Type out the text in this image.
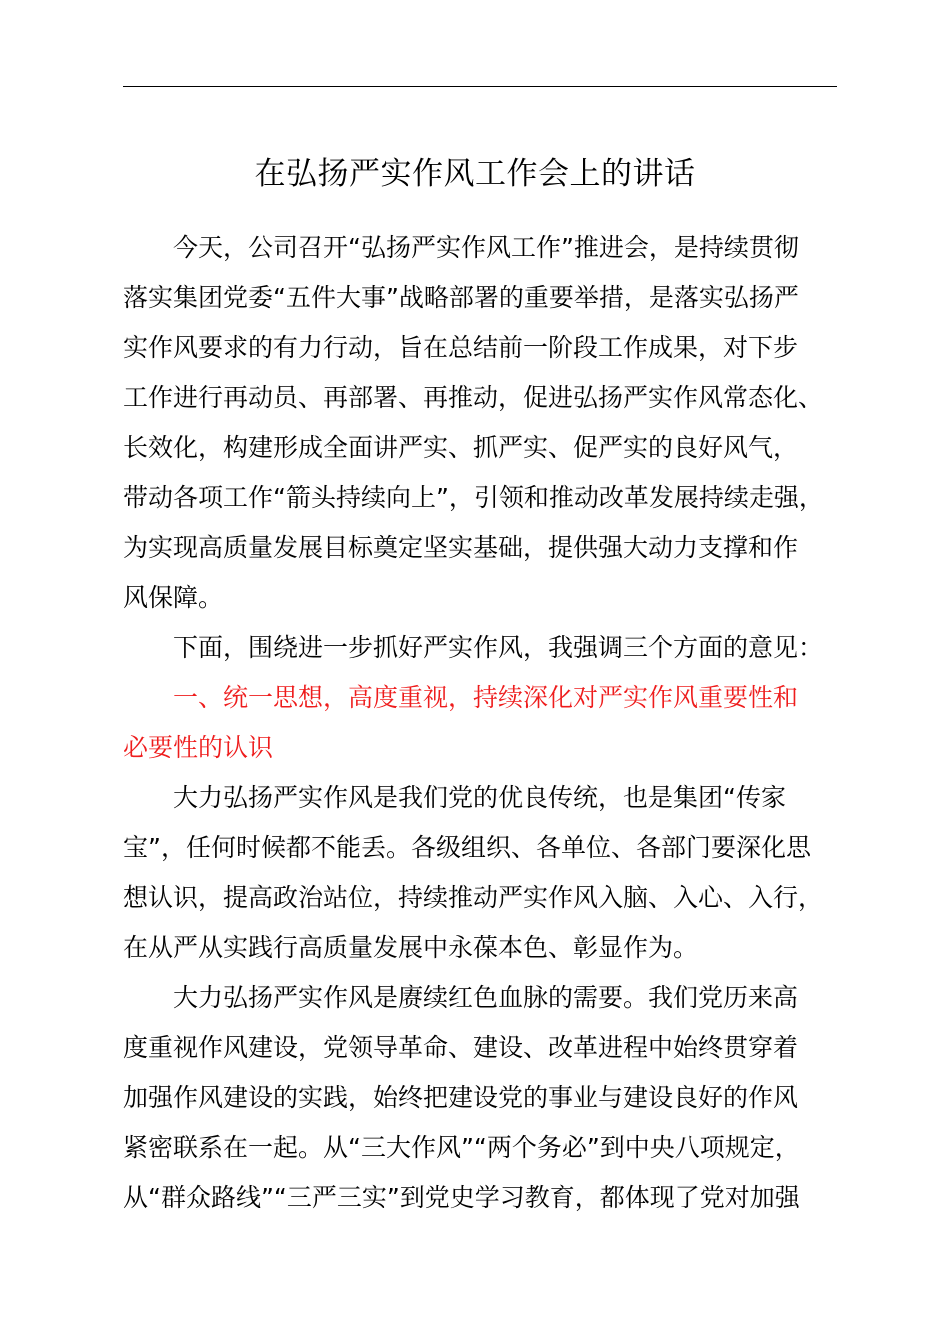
在弘扬严实作风工作会上的讲话
今天，公司召开“弘扬严实作风工作”推进会，是持续贯彻
落实集团党委“五件大事”战略部署的重要举措，是落实弘扬严
实作风要求的有力行动，旨在总结前一阶段工作成果，对下步
工作进行再动员、再部署、再推动，促进弘扬严实作风常态化、
长效化，构建形成全面讲严实、抓严实、促严实的良好风气，
带动各项工作“箭头持续向上”，引领和推动改革发展持续走强，
为实现高质量发展目标奠定坚实基础，提供强大动力支撑和作
风保障。
下面，围绕进一步抓好严实作风，我强调三个方面的意见：
一、统一思想，高度重视，持续深化对严实作风重要性和
必要性的认识
大力弘扬严实作风是我们党的优良传统，也是集团“传家
宝”，任何时候都不能丢。各级组织、各单位、各部门要深化思
想认识，提高政治站位，持续推动严实作风入脑、入心、入行，
在从严从实践行高质量发展中永葆本色、彰显作为。
大力弘扬严实作风是赓续红色血脉的需要。我们党历来高
度重视作风建设，党领导革命、建设、改革进程中始终贯穿着
加强作风建设的实践，始终把建设党的事业与建设良好的作风
紧密联系在一起。从“三大作风”“两个务必”到中央八项规定，
从“群众路线”“三严三实”到党史学习教育，都体现了党对加强
